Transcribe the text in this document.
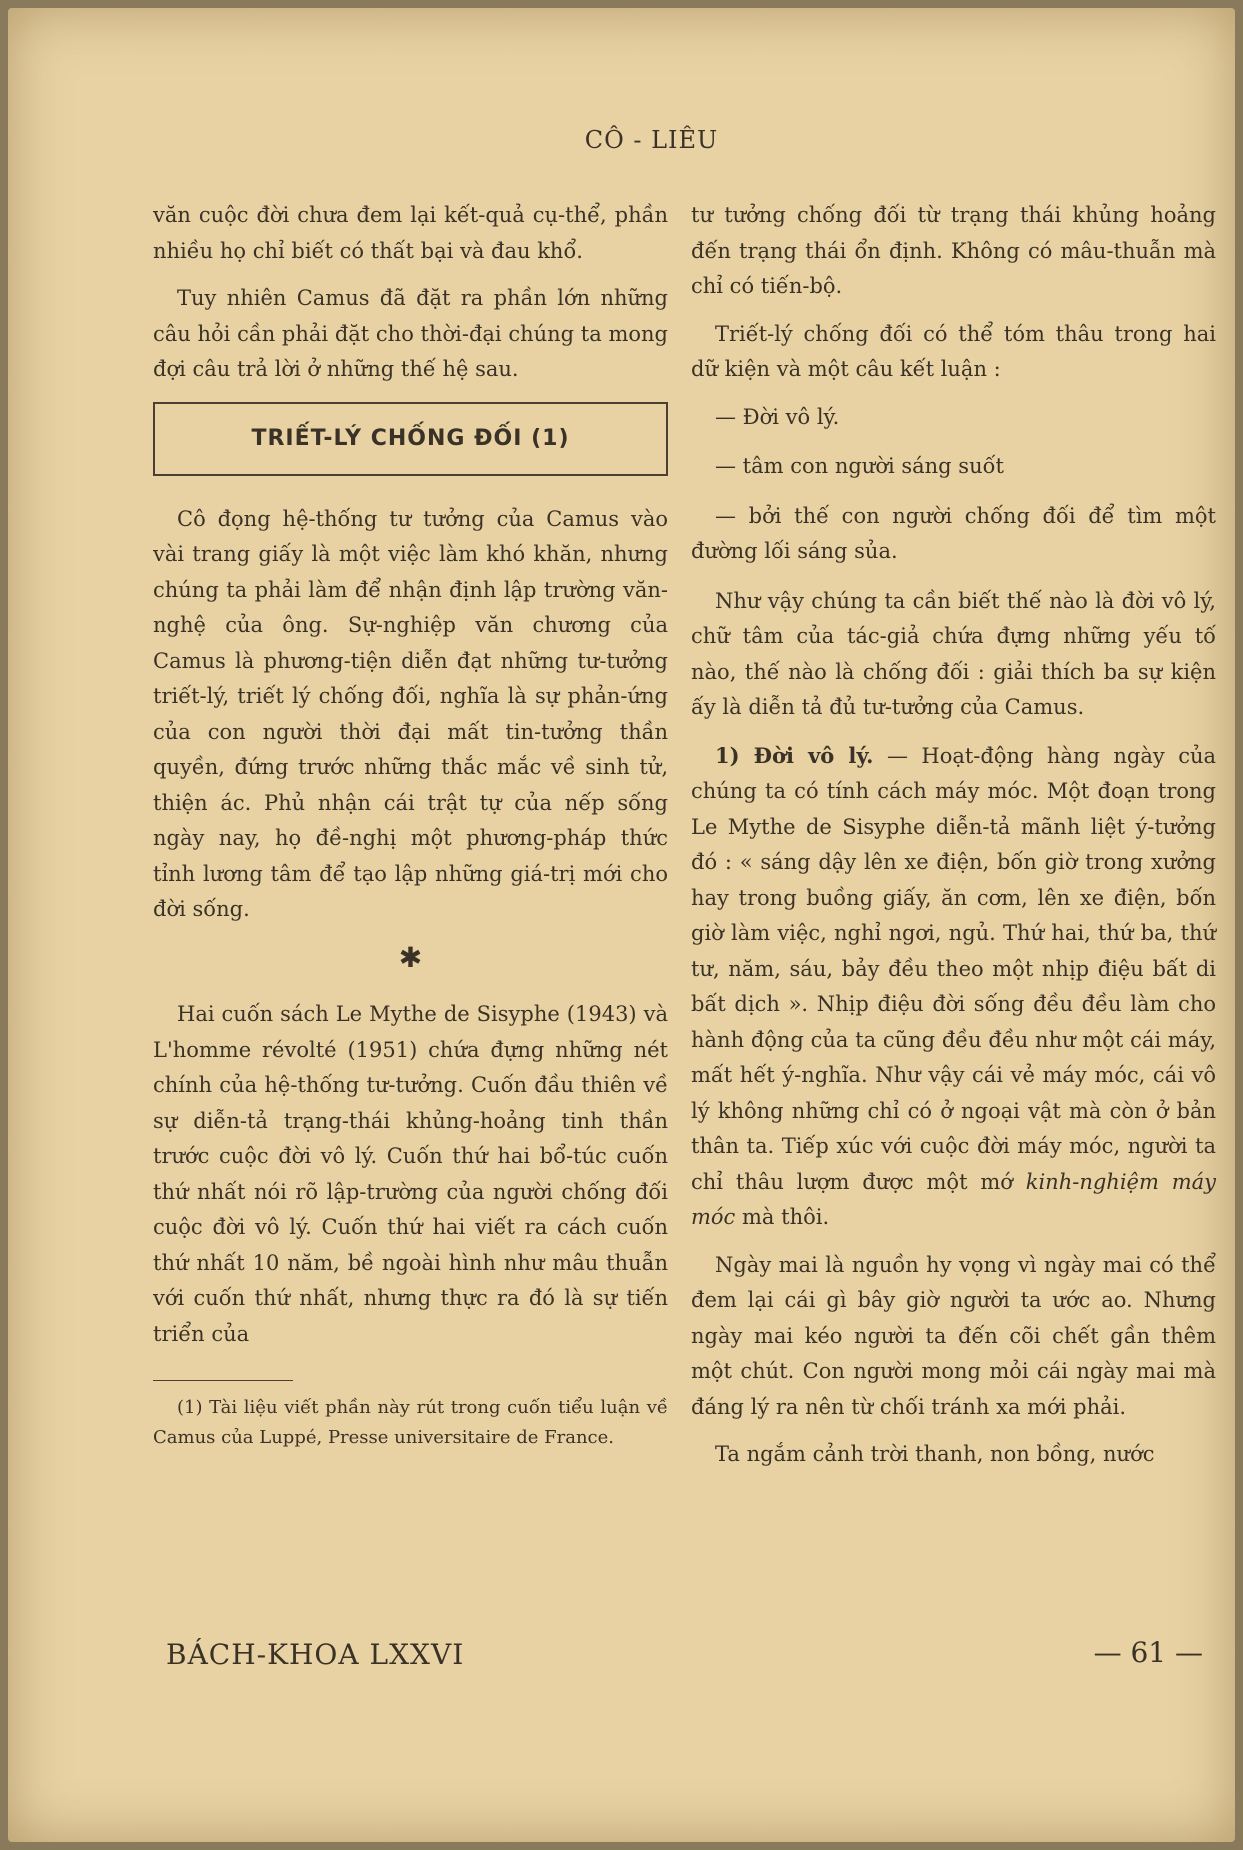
CÔ - LIÊU

văn cuộc đời chưa đem lại kết-quả cụ-thể, phần nhiều họ chỉ biết có thất bại và đau khổ.

Tuy nhiên Camus đã đặt ra phần lớn những câu hỏi cần phải đặt cho thời-đại chúng ta mong đợi câu trả lời ở những thế hệ sau.

TRIẾT-LÝ CHỐNG ĐỐI (1)

Cô đọng hệ-thống tư tưởng của Camus vào vài trang giấy là một việc làm khó khăn, nhưng chúng ta phải làm để nhận định lập trường văn-nghệ của ông. Sự-nghiệp văn chương của Camus là phương-tiện diễn đạt những tư-tưởng triết-lý, triết lý chống đối, nghĩa là sự phản-ứng của con người thời đại mất tin-tưởng thần quyền, đứng trước những thắc mắc về sinh tử, thiện ác. Phủ nhận cái trật tự của nếp sống ngày nay, họ đề-nghị một phương-pháp thức tỉnh lương tâm để tạo lập những giá-trị mới cho đời sống.

✱

Hai cuốn sách Le Mythe de Sisyphe (1943) và L'homme révolté (1951) chứa đựng những nét chính của hệ-thống tư-tưởng. Cuốn đầu thiên về sự diễn-tả trạng-thái khủng-hoảng tinh thần trước cuộc đời vô lý. Cuốn thứ hai bổ-túc cuốn thứ nhất nói rõ lập-trường của người chống đối cuộc đời vô lý. Cuốn thứ hai viết ra cách cuốn thứ nhất 10 năm, bề ngoài hình như mâu thuẫn với cuốn thứ nhất, nhưng thực ra đó là sự tiến triển của

(1) Tài liệu viết phần này rút trong cuốn tiểu luận về Camus của Luppé, Presse universitaire de France.

tư tưởng chống đối từ trạng thái khủng hoảng đến trạng thái ổn định. Không có mâu-thuẫn mà chỉ có tiến-bộ.

Triết-lý chống đối có thể tóm thâu trong hai dữ kiện và một câu kết luận :

— Đời vô lý.

— tâm con người sáng suốt

— bởi thế con người chống đối để tìm một đường lối sáng sủa.

Như vậy chúng ta cần biết thế nào là đời vô lý, chữ tâm của tác-giả chứa đựng những yếu tố nào, thế nào là chống đối : giải thích ba sự kiện ấy là diễn tả đủ tư-tưởng của Camus.

1) Đời vô lý. — Hoạt-động hàng ngày của chúng ta có tính cách máy móc. Một đoạn trong Le Mythe de Sisyphe diễn-tả mãnh liệt ý-tưởng đó : « sáng dậy lên xe điện, bốn giờ trong xưởng hay trong buồng giấy, ăn cơm, lên xe điện, bốn giờ làm việc, nghỉ ngơi, ngủ. Thứ hai, thứ ba, thứ tư, năm, sáu, bảy đều theo một nhịp điệu bất di bất dịch ». Nhịp điệu đời sống đều đều làm cho hành động của ta cũng đều đều như một cái máy, mất hết ý-nghĩa. Như vậy cái vẻ máy móc, cái vô lý không những chỉ có ở ngoại vật mà còn ở bản thân ta. Tiếp xúc với cuộc đời máy móc, người ta chỉ thâu lượm được một mớ kinh-nghiệm máy móc mà thôi.

Ngày mai là nguồn hy vọng vì ngày mai có thể đem lại cái gì bây giờ người ta ước ao. Nhưng ngày mai kéo người ta đến cõi chết gần thêm một chút. Con người mong mỏi cái ngày mai mà đáng lý ra nên từ chối tránh xa mới phải.

Ta ngắm cảnh trời thanh, non bồng, nước

BÁCH-KHOA LXXVI	— 61 —
